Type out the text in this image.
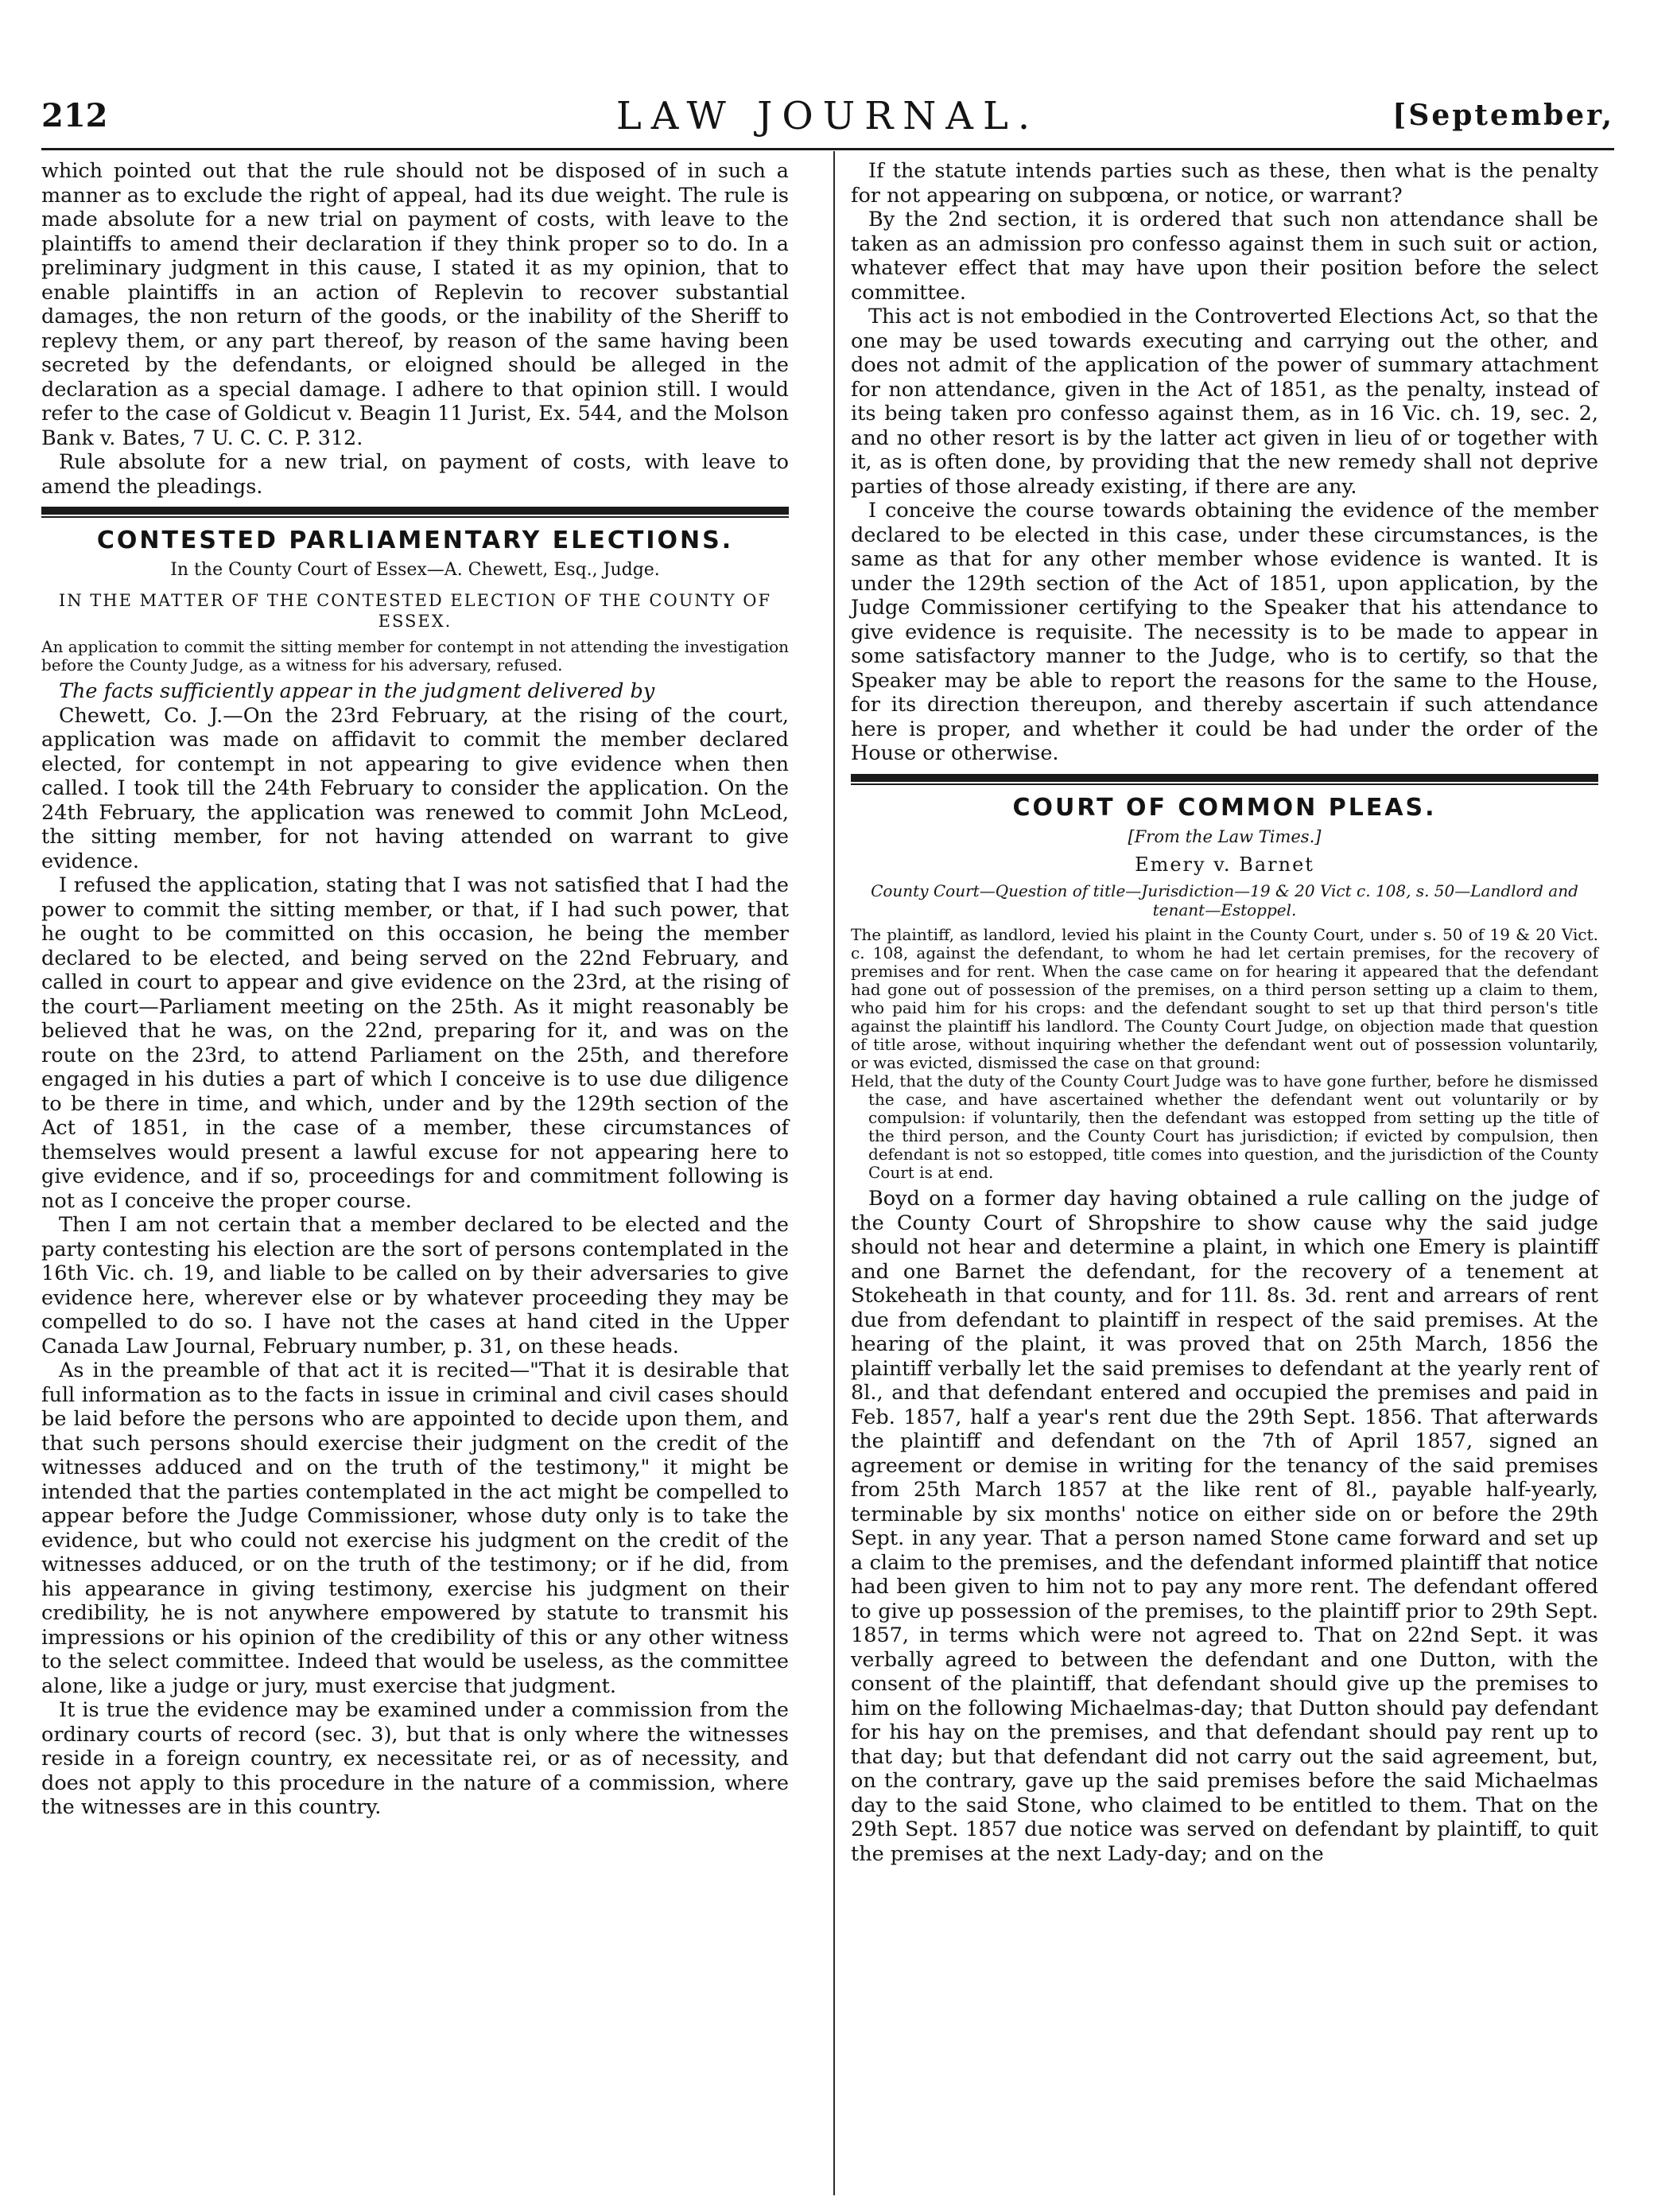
212	LAW JOURNAL.	[September,

which pointed out that the rule should not be disposed of in such a manner as to exclude the right of appeal, had its due weight. The rule is made absolute for a new trial on payment of costs, with leave to the plaintiffs to amend their declaration if they think proper so to do. In a preliminary judgment in this cause, I stated it as my opinion, that to enable plaintiffs in an action of Replevin to recover substantial damages, the non return of the goods, or the inability of the Sheriff to replevy them, or any part thereof, by reason of the same having been secreted by the defendants, or eloigned should be alleged in the declaration as a special damage. I adhere to that opinion still. I would refer to the case of Goldicut v. Beagin 11 Jurist, Ex. 544, and the Molson Bank v. Bates, 7 U. C. C. P. 312.

Rule absolute for a new trial, on payment of costs, with leave to amend the pleadings.

CONTESTED PARLIAMENTARY ELECTIONS.
In the County Court of Essex—A. Chewett, Esq., Judge.
IN THE MATTER OF THE CONTESTED ELECTION OF THE COUNTY OF ESSEX.

An application to commit the sitting member for contempt in not attending the investigation before the County Judge, as a witness for his adversary, refused.

The facts sufficiently appear in the judgment delivered by

Chewett, Co. J.—On the 23rd February, at the rising of the court, application was made on affidavit to commit the member declared elected, for contempt in not appearing to give evidence when then called. I took till the 24th February to consider the application. On the 24th February, the application was renewed to commit John McLeod, the sitting member, for not having attended on warrant to give evidence.

I refused the application, stating that I was not satisfied that I had the power to commit the sitting member, or that, if I had such power, that he ought to be committed on this occasion, he being the member declared to be elected, and being served on the 22nd February, and called in court to appear and give evidence on the 23rd, at the rising of the court—Parliament meeting on the 25th. As it might reasonably be believed that he was, on the 22nd, preparing for it, and was on the route on the 23rd, to attend Parliament on the 25th, and therefore engaged in his duties a part of which I conceive is to use due diligence to be there in time, and which, under and by the 129th section of the Act of 1851, in the case of a member, these circumstances of themselves would present a lawful excuse for not appearing here to give evidence, and if so, proceedings for and commitment following is not as I conceive the proper course.

Then I am not certain that a member declared to be elected and the party contesting his election are the sort of persons contemplated in the 16th Vic. ch. 19, and liable to be called on by their adversaries to give evidence here, wherever else or by whatever proceeding they may be compelled to do so. I have not the cases at hand cited in the Upper Canada Law Journal, February number, p. 31, on these heads.

As in the preamble of that act it is recited—"That it is desirable that full information as to the facts in issue in criminal and civil cases should be laid before the persons who are appointed to decide upon them, and that such persons should exercise their judgment on the credit of the witnesses adduced and on the truth of the testimony," it might be intended that the parties contemplated in the act might be compelled to appear before the Judge Commissioner, whose duty only is to take the evidence, but who could not exercise his judgment on the credit of the witnesses adduced, or on the truth of the testimony; or if he did, from his appearance in giving testimony, exercise his judgment on their credibility, he is not anywhere empowered by statute to transmit his impressions or his opinion of the credibility of this or any other witness to the select committee. Indeed that would be useless, as the committee alone, like a judge or jury, must exercise that judgment.

It is true the evidence may be examined under a commission from the ordinary courts of record (sec. 3), but that is only where the witnesses reside in a foreign country, ex necessitate rei, or as of necessity, and does not apply to this procedure in the nature of a commission, where the witnesses are in this country.

If the statute intends parties such as these, then what is the penalty for not appearing on subpœna, or notice, or warrant?

By the 2nd section, it is ordered that such non attendance shall be taken as an admission pro confesso against them in such suit or action, whatever effect that may have upon their position before the select committee.

This act is not embodied in the Controverted Elections Act, so that the one may be used towards executing and carrying out the other, and does not admit of the application of the power of summary attachment for non attendance, given in the Act of 1851, as the penalty, instead of its being taken pro confesso against them, as in 16 Vic. ch. 19, sec. 2, and no other resort is by the latter act given in lieu of or together with it, as is often done, by providing that the new remedy shall not deprive parties of those already existing, if there are any.

I conceive the course towards obtaining the evidence of the member declared to be elected in this case, under these circumstances, is the same as that for any other member whose evidence is wanted. It is under the 129th section of the Act of 1851, upon application, by the Judge Commissioner certifying to the Speaker that his attendance to give evidence is requisite. The necessity is to be made to appear in some satisfactory manner to the Judge, who is to certify, so that the Speaker may be able to report the reasons for the same to the House, for its direction thereupon, and thereby ascertain if such attendance here is proper, and whether it could be had under the order of the House or otherwise.

COURT OF COMMON PLEAS.
[From the Law Times.]
Emery v. Barnet
County Court—Question of title—Jurisdiction—19 & 20 Vict c. 108, s. 50—Landlord and tenant—Estoppel.

The plaintiff, as landlord, levied his plaint in the County Court, under s. 50 of 19 & 20 Vict. c. 108, against the defendant, to whom he had let certain premises, for the recovery of premises and for rent. When the case came on for hearing it appeared that the defendant had gone out of possession of the premises, on a third person setting up a claim to them, who paid him for his crops: and the defendant sought to set up that third person's title against the plaintiff his landlord. The County Court Judge, on objection made that question of title arose, without inquiring whether the defendant went out of possession voluntarily, or was evicted, dismissed the case on that ground:

Held, that the duty of the County Court Judge was to have gone further, before he dismissed the case, and have ascertained whether the defendant went out voluntarily or by compulsion: if voluntarily, then the defendant was estopped from setting up the title of the third person, and the County Court has jurisdiction; if evicted by compulsion, then defendant is not so estopped, title comes into question, and the jurisdiction of the County Court is at end.

Boyd on a former day having obtained a rule calling on the judge of the County Court of Shropshire to show cause why the said judge should not hear and determine a plaint, in which one Emery is plaintiff and one Barnet the defendant, for the recovery of a tenement at Stokeheath in that county, and for 11l. 8s. 3d. rent and arrears of rent due from defendant to plaintiff in respect of the said premises. At the hearing of the plaint, it was proved that on 25th March, 1856 the plaintiff verbally let the said premises to defendant at the yearly rent of 8l., and that defendant entered and occupied the premises and paid in Feb. 1857, half a year's rent due the 29th Sept. 1856. That afterwards the plaintiff and defendant on the 7th of April 1857, signed an agreement or demise in writing for the tenancy of the said premises from 25th March 1857 at the like rent of 8l., payable half-yearly, terminable by six months' notice on either side on or before the 29th Sept. in any year. That a person named Stone came forward and set up a claim to the premises, and the defendant informed plaintiff that notice had been given to him not to pay any more rent. The defendant offered to give up possession of the premises, to the plaintiff prior to 29th Sept. 1857, in terms which were not agreed to. That on 22nd Sept. it was verbally agreed to between the defendant and one Dutton, with the consent of the plaintiff, that defendant should give up the premises to him on the following Michaelmas-day; that Dutton should pay defendant for his hay on the premises, and that defendant should pay rent up to that day; but that defendant did not carry out the said agreement, but, on the contrary, gave up the said premises before the said Michaelmas day to the said Stone, who claimed to be entitled to them. That on the 29th Sept. 1857 due notice was served on defendant by plaintiff, to quit the premises at the next Lady-day; and on the
